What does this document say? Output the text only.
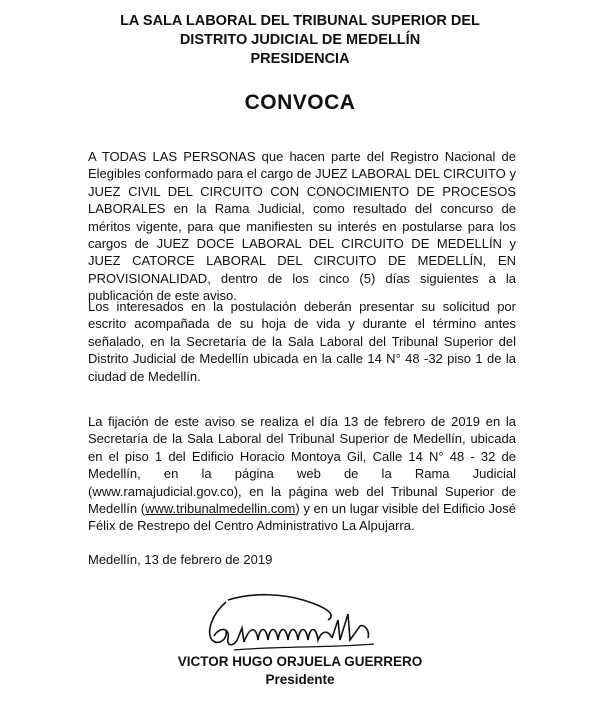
LA SALA LABORAL DEL TRIBUNAL SUPERIOR DEL
DISTRITO JUDICIAL DE MEDELLÍN
PRESIDENCIA
CONVOCA
A TODAS LAS PERSONAS que hacen parte del Registro Nacional de Elegibles conformado para el cargo de JUEZ LABORAL DEL CIRCUITO y JUEZ CIVIL DEL CIRCUITO CON CONOCIMIENTO DE PROCESOS LABORALES en la Rama Judicial, como resultado del concurso de méritos vigente, para que manifiesten su interés en postularse para los cargos de JUEZ DOCE LABORAL DEL CIRCUITO DE MEDELLÍN y JUEZ CATORCE LABORAL DEL CIRCUITO DE MEDELLÍN, EN PROVISIONALIDAD, dentro de los cinco (5) días siguientes a la publicación de este aviso.
Los interesados en la postulación deberán presentar su solicitud por escrito acompañada de su hoja de vida y durante el término antes señalado, en la Secretaría de la Sala Laboral del Tribunal Superior del Distrito Judicial de Medellín ubicada en la calle 14 N° 48 -32 piso 1 de la ciudad de Medellín.
La fijación de este aviso se realiza el día 13 de febrero de 2019 en la Secretaría de la Sala Laboral del Tribunal Superior de Medellín, ubicada en el piso 1 del Edificio Horacio Montoya Gil, Calle 14 N° 48 - 32 de Medellín, en la página web de la Rama Judicial (www.ramajudicial.gov.co), en la página web del Tribunal Superior de Medellín (www.tribunalmedellin.com) y en un lugar visible del Edificio José Félix de Restrepo del Centro Administrativo La Alpujarra.
Medellín, 13 de febrero de 2019
VICTOR HUGO ORJUELA GUERRERO
Presidente
